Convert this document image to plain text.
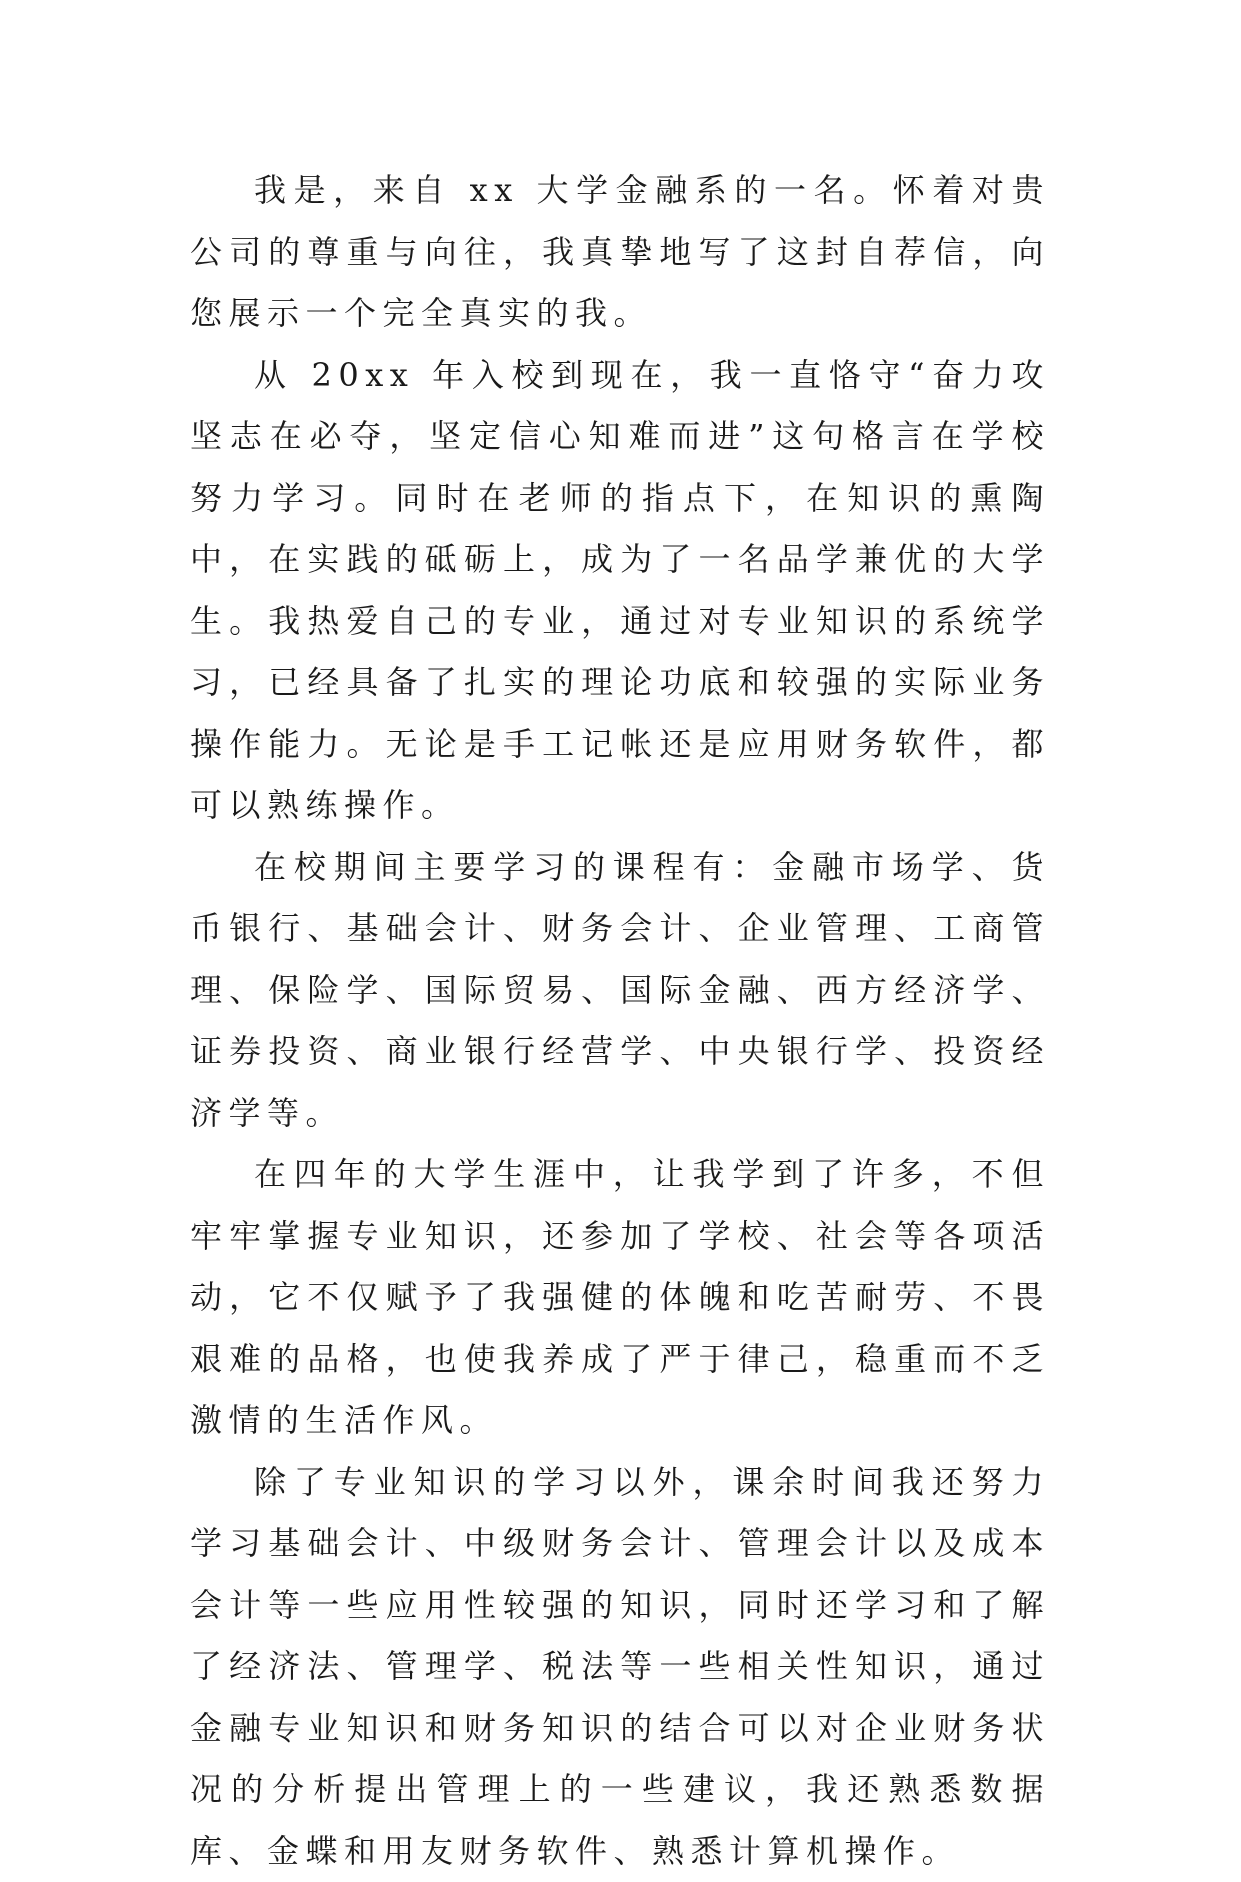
我是，来自 xx 大学金融系的一名。怀着对贵公司的尊重与向往，我真挚地写了这封自荐信，向您展示一个完全真实的我。

从 20xx 年入校到现在，我一直恪守“奋力攻坚志在必夺，坚定信心知难而进”这句格言在学校努力学习。同时在老师的指点下，在知识的熏陶中，在实践的砥砺上，成为了一名品学兼优的大学生。我热爱自己的专业，通过对专业知识的系统学习，已经具备了扎实的理论功底和较强的实际业务操作能力。无论是手工记帐还是应用财务软件，都可以熟练操作。

在校期间主要学习的课程有：金融市场学、货币银行、基础会计、财务会计、企业管理、工商管理、保险学、国际贸易、国际金融、西方经济学、证券投资、商业银行经营学、中央银行学、投资经济学等。

在四年的大学生涯中，让我学到了许多，不但牢牢掌握专业知识，还参加了学校、社会等各项活动，它不仅赋予了我强健的体魄和吃苦耐劳、不畏艰难的品格，也使我养成了严于律己，稳重而不乏激情的生活作风。

除了专业知识的学习以外，课余时间我还努力学习基础会计、中级财务会计、管理会计以及成本会计等一些应用性较强的知识，同时还学习和了解了经济法、管理学、税法等一些相关性知识，通过金融专业知识和财务知识的结合可以对企业财务状况的分析提出管理上的一些建议，我还熟悉数据库、金蝶和用友财务软件、熟悉计算机操作。
